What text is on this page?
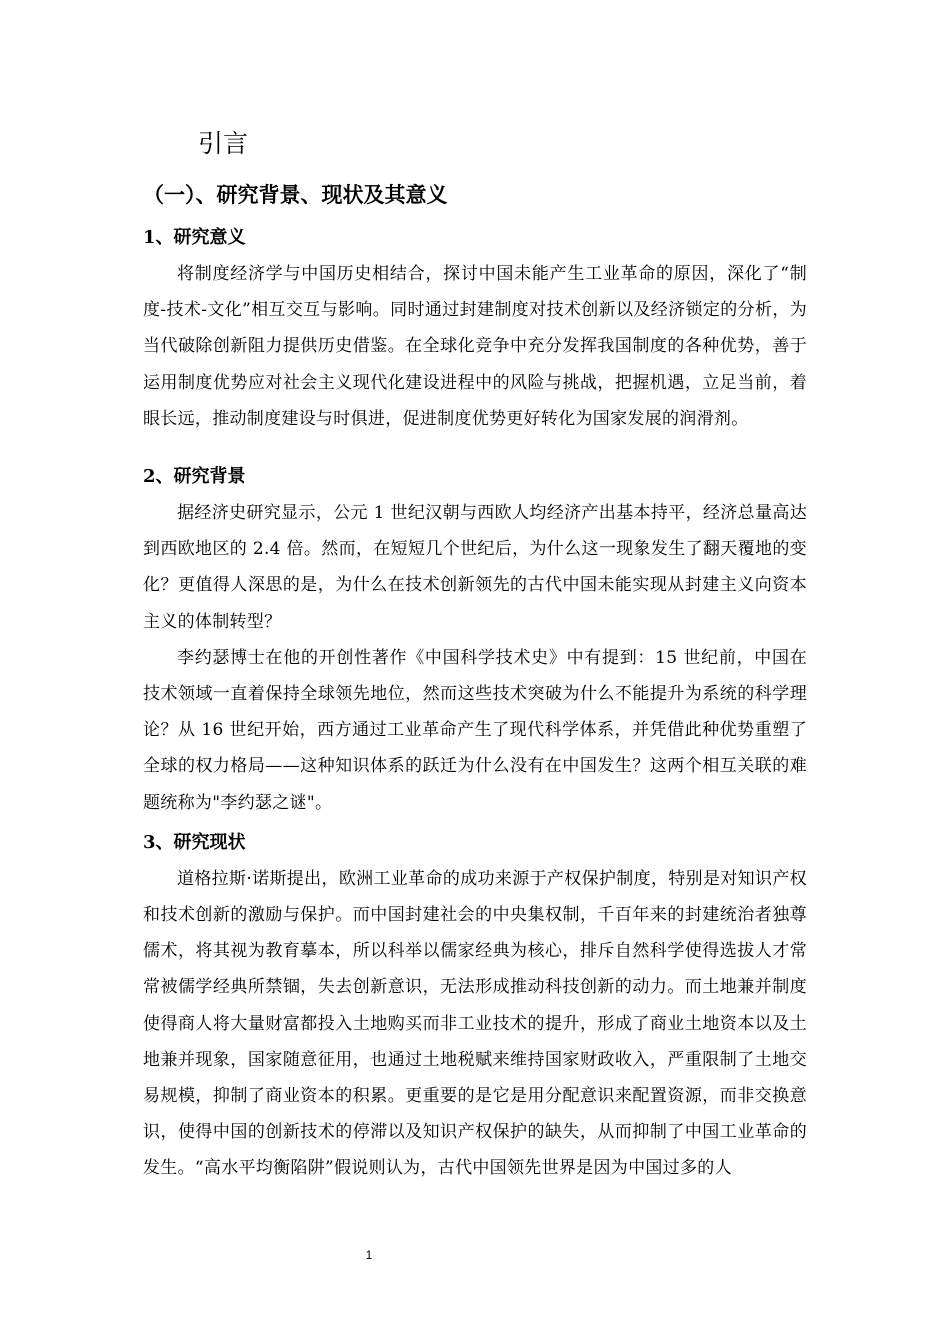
引言
（一）、研究背景、现状及其意义
1、研究意义

将制度经济学与中国历史相结合，探讨中国未能产生工业革命的原因，深化了“制度-技术-文化”相互交互与影响。同时通过封建制度对技术创新以及经济锁定的分析，为当代破除创新阻力提供历史借鉴。在全球化竞争中充分发挥我国制度的各种优势，善于运用制度优势应对社会主义现代化建设进程中的风险与挑战，把握机遇，立足当前，着眼长远，推动制度建设与时俱进，促进制度优势更好转化为国家发展的润滑剂。

2、研究背景

据经济史研究显示，公元 1 世纪汉朝与西欧人均经济产出基本持平，经济总量高达到西欧地区的 2.4 倍。然而，在短短几个世纪后，为什么这一现象发生了翻天覆地的变化？更值得人深思的是，为什么在技术创新领先的古代中国未能实现从封建主义向资本主义的体制转型？

李约瑟博士在他的开创性著作《中国科学技术史》中有提到：15 世纪前，中国在技术领域一直着保持全球领先地位，然而这些技术突破为什么不能提升为系统的科学理论？从 16 世纪开始，西方通过工业革命产生了现代科学体系，并凭借此种优势重塑了全球的权力格局——这种知识体系的跃迁为什么没有在中国发生？这两个相互关联的难题统称为"李约瑟之谜"。

3、研究现状

道格拉斯·诺斯提出，欧洲工业革命的成功来源于产权保护制度，特别是对知识产权和技术创新的激励与保护。而中国封建社会的中央集权制，千百年来的封建统治者独尊儒术，将其视为教育摹本，所以科举以儒家经典为核心，排斥自然科学使得选拔人才常常被儒学经典所禁锢，失去创新意识，无法形成推动科技创新的动力。而土地兼并制度使得商人将大量财富都投入土地购买而非工业技术的提升，形成了商业土地资本以及土地兼并现象，国家随意征用，也通过土地税赋来维持国家财政收入，严重限制了土地交易规模，抑制了商业资本的积累。更重要的是它是用分配意识来配置资源，而非交换意识，使得中国的创新技术的停滞以及知识产权保护的缺失，从而抑制了中国工业革命的发生。“高水平均衡陷阱”假说则认为，古代中国领先世界是因为中国过多的人

1
